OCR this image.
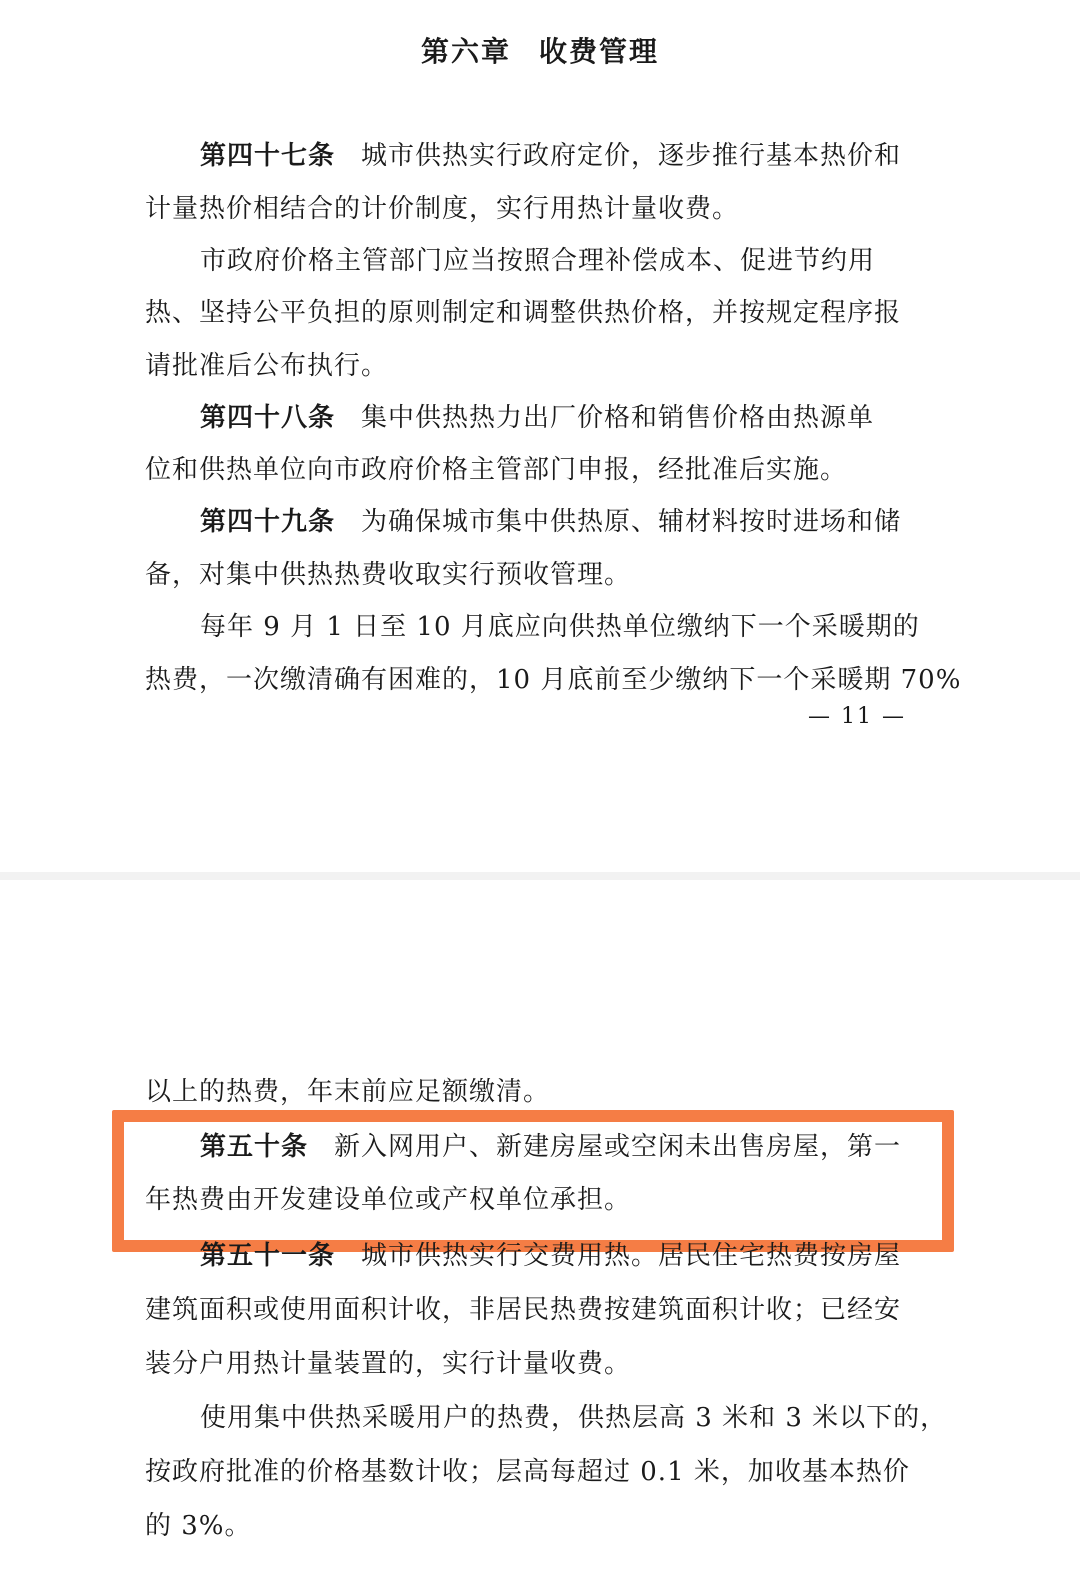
第六章 收费管理
第四十七条 城市供热实行政府定价，逐步推行基本热价和
计量热价相结合的计价制度，实行用热计量收费。
市政府价格主管部门应当按照合理补偿成本、促进节约用
热、坚持公平负担的原则制定和调整供热价格，并按规定程序报
请批准后公布执行。
第四十八条 集中供热热力出厂价格和销售价格由热源单
位和供热单位向市政府价格主管部门申报，经批准后实施。
第四十九条 为确保城市集中供热原、辅材料按时进场和储
备，对集中供热热费收取实行预收管理。
每年 9 月 1 日至 10 月底应向供热单位缴纳下一个采暖期的
热费，一次缴清确有困难的，10 月底前至少缴纳下一个采暖期 70%
— 11 —
以上的热费，年末前应足额缴清。
第五十条 新入网用户、新建房屋或空闲未出售房屋，第一
年热费由开发建设单位或产权单位承担。
第五十一条 城市供热实行交费用热。居民住宅热费按房屋
建筑面积或使用面积计收，非居民热费按建筑面积计收；已经安
装分户用热计量装置的，实行计量收费。
使用集中供热采暖用户的热费，供热层高 3 米和 3 米以下的，
按政府批准的价格基数计收；层高每超过 0.1 米，加收基本热价
的 3%。
